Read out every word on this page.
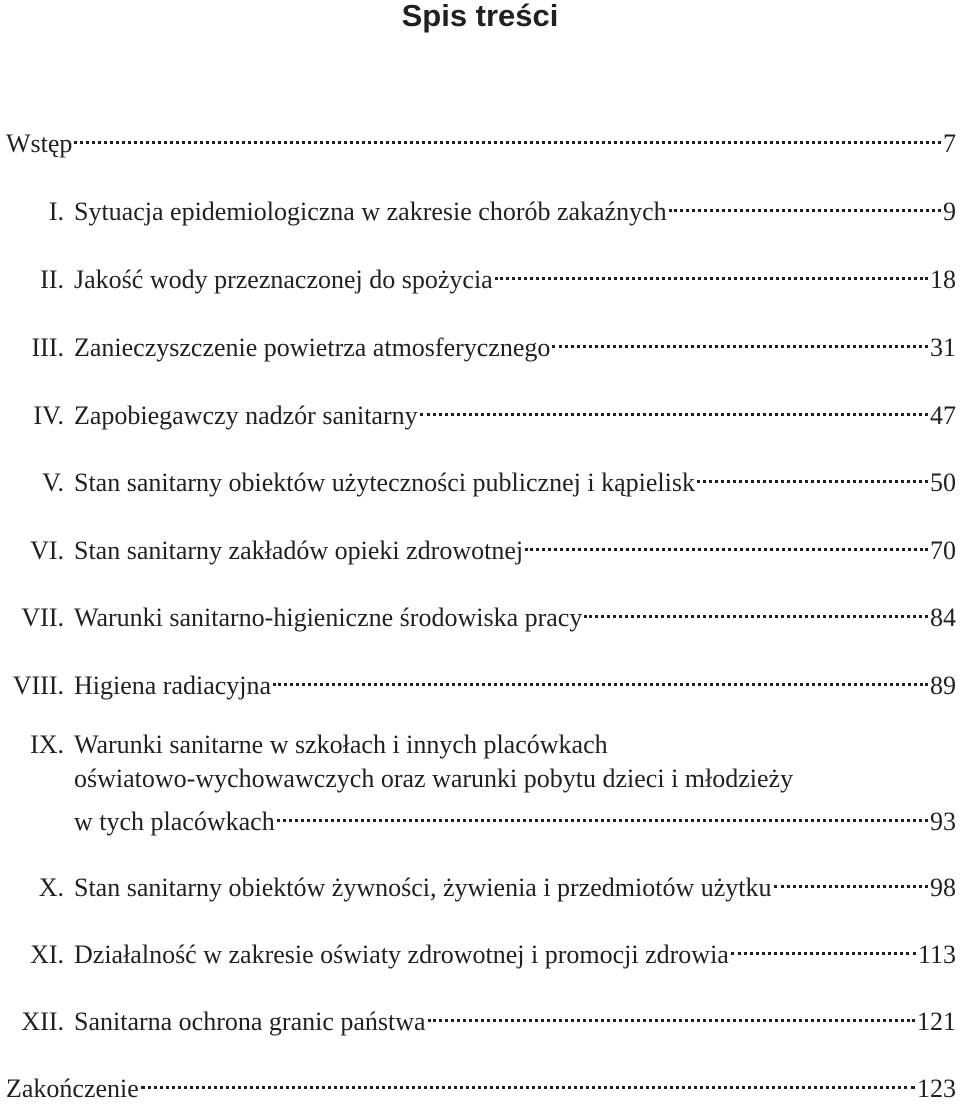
Spis treści
Wstęp	7
I. Sytuacja epidemiologiczna w zakresie chorób zakaźnych	9
II. Jakość wody przeznaczonej do spożycia	18
III. Zanieczyszczenie powietrza atmosferycznego	31
IV. Zapobiegawczy nadzór sanitarny	47
V. Stan sanitarny obiektów użyteczności publicznej i kąpielisk	50
VI. Stan sanitarny zakładów opieki zdrowotnej	70
VII. Warunki sanitarno-higieniczne środowiska pracy	84
VIII. Higiena radiacyjna	89
IX. Warunki sanitarne w szkołach i innych placówkach
oświatowo-wychowawczych oraz warunki pobytu dzieci i młodzieży
w tych placówkach	93
X. Stan sanitarny obiektów żywności, żywienia i przedmiotów użytku	98
XI. Działalność w zakresie oświaty zdrowotnej i promocji zdrowia	113
XII. Sanitarna ochrona granic państwa	121
Zakończenie	123
